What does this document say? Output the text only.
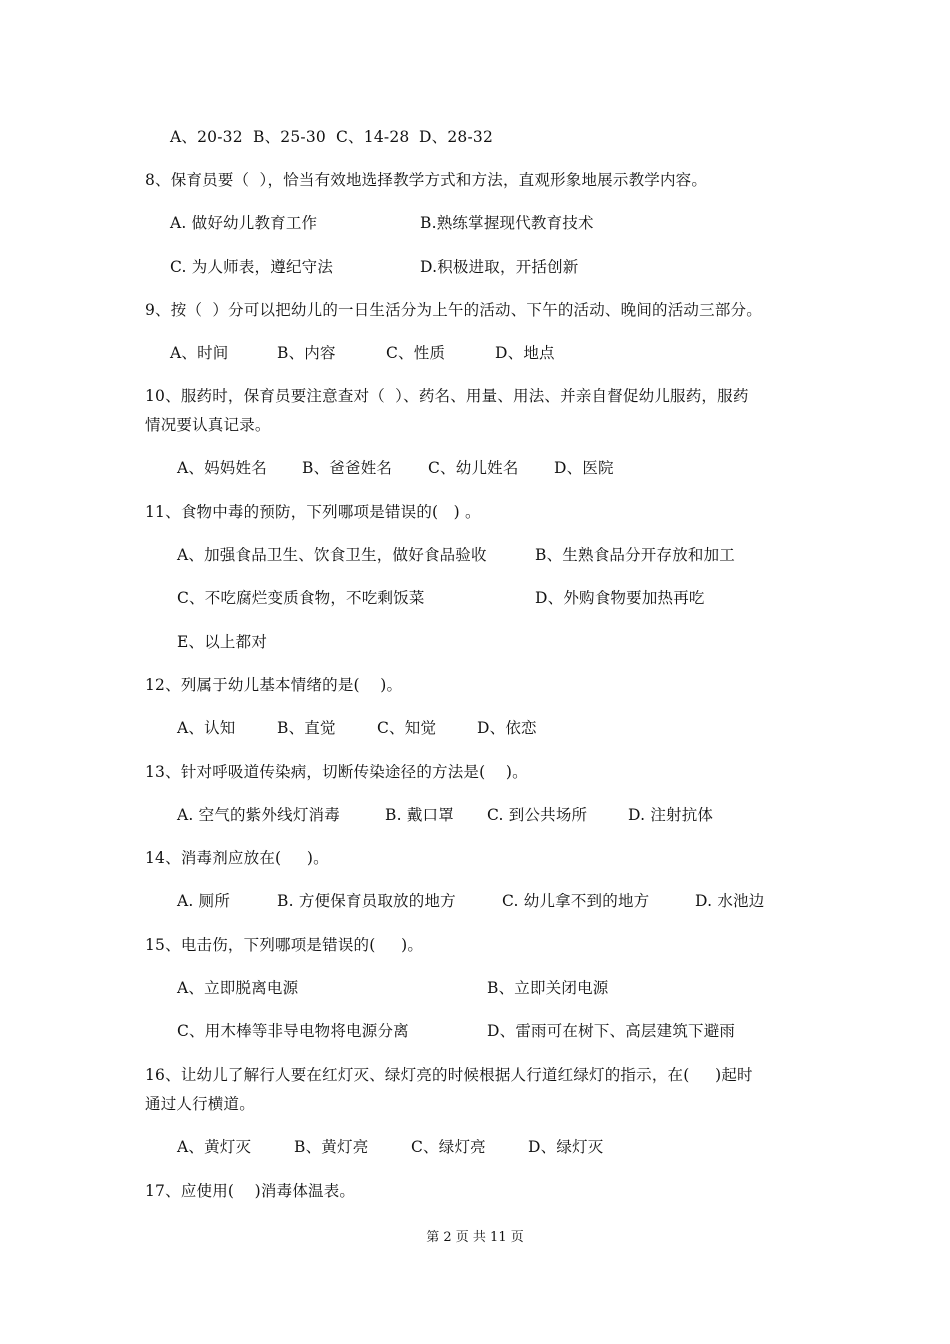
A、20-32 B、25-30 C、14-28 D、28-32
8、保育员要（  ），恰当有效地选择教学方式和方法，直观形象地展示教学内容。
A. 做好幼儿教育工作	B.熟练掌握现代教育技术
C. 为人师表，遵纪守法	D.积极进取，开括创新
9、按（  ）分可以把幼儿的一日生活分为上午的活动、下午的活动、晚间的活动三部分。
A、时间	B、内容	C、性质	D、地点
10、服药时，保育员要注意查对（  ）、药名、用量、用法、并亲自督促幼儿服药，服药
情况要认真记录。
A、妈妈姓名 B、爸爸姓名 C、幼儿姓名 D、医院
11、食物中毒的预防，下列哪项是错误的(   ) 。
A、加强食品卫生、饮食卫生，做好食品验收	B、生熟食品分开存放和加工
C、不吃腐烂变质食物，不吃剩饭菜	D、外购食物要加热再吃
E、以上都对
12、列属于幼儿基本情绪的是(    )。
A、认知	B、直觉	C、知觉	D、依恋
13、针对呼吸道传染病，切断传染途径的方法是(    )。
A. 空气的紫外线灯消毒	B. 戴口罩 C. 到公共场所	D. 注射抗体
14、消毒剂应放在(     )。
A. 厕所	B. 方便保育员取放的地方	C. 幼儿拿不到的地方	D. 水池边
15、电击伤，下列哪项是错误的(     )。
A、立即脱离电源	B、立即关闭电源
C、用木棒等非导电物将电源分离	D、雷雨可在树下、高层建筑下避雨
16、让幼儿了解行人要在红灯灭、绿灯亮的时候根据人行道红绿灯的指示，在(     )起时
通过人行横道。
A、黄灯灭	B、黄灯亮	C、绿灯亮	D、绿灯灭
17、应使用(    )消毒体温表。
第 2 页 共 11 页
